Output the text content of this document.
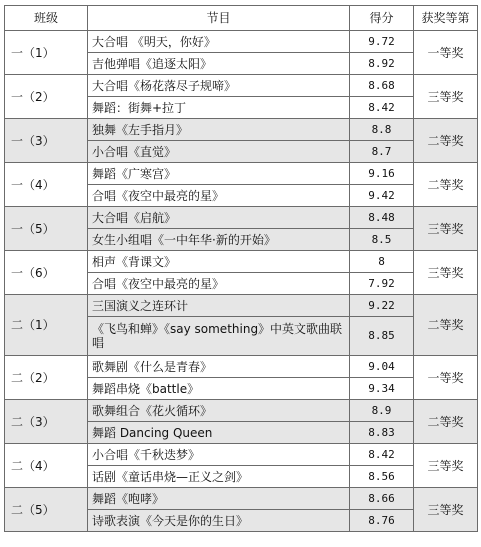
班级	节目	得分	获奖等第
一（1）	大合唱 《明天，你好》	9.72	一等奖
	吉他弹唱《追逐太阳》	8.92	
一（2）	大合唱《杨花落尽子规啼》	8.68	三等奖
	舞蹈：街舞+拉丁	8.42	
一（3）	独舞《左手指月》	8.8	二等奖
	小合唱《直觉》	8.7	
一（4）	舞蹈《广寒宫》	9.16	二等奖
	合唱《夜空中最亮的星》	9.42	
一（5）	大合唱《启航》	8.48	三等奖
	女生小组唱《一中年华·新的开始》	8.5	
一（6）	相声《背课文》	8	三等奖
	合唱《夜空中最亮的星》	7.92	
二（1）	三国演义之连环计	9.22	二等奖
	《飞鸟和蝉》《say something》中英文歌曲联唱	8.85	
二（2）	歌舞剧《什么是青春》	9.04	一等奖
	舞蹈串烧《battle》	9.34	
二（3）	歌舞组合《花火循环》	8.9	二等奖
	舞蹈 Dancing Queen	8.83	
二（4）	小合唱《千秋迭梦》	8.42	三等奖
	话剧《童话串烧—正义之剑》	8.56	
二（5）	舞蹈《咆哮》	8.66	三等奖
	诗歌表演《今天是你的生日》	8.76	
